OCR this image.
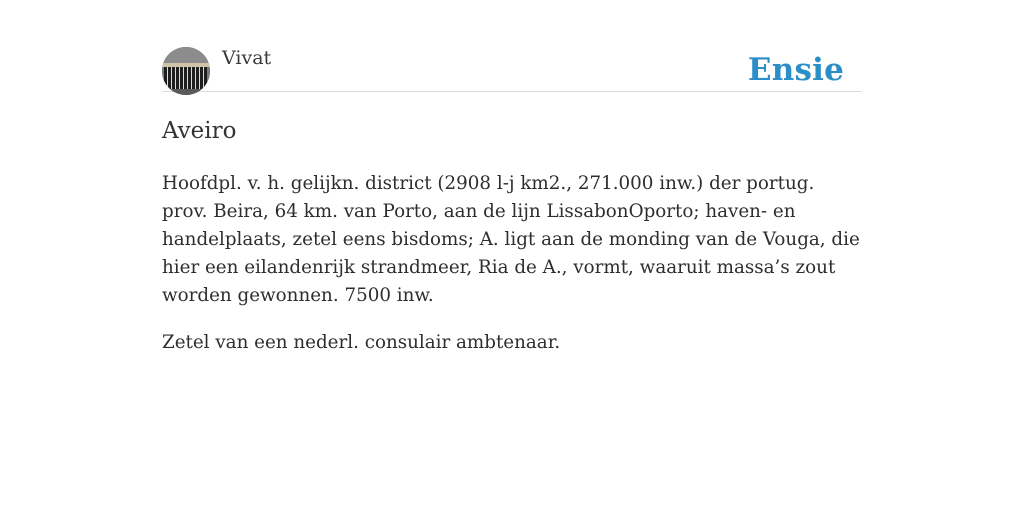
Vivat	Ensie
Aveiro

Hoofdpl. v. h. gelijkn. district (2908 l-j km2., 271.000 inw.) der portug. prov. Beira, 64 km. van Porto, aan de lijn LissabonOporto; haven- en handelplaats, zetel eens bisdoms; A. ligt aan de monding van de Vouga, die hier een eilandenrijk strandmeer, Ria de A., vormt, waaruit massa’s zout worden gewonnen. 7500 inw.

Zetel van een nederl. consulair ambtenaar.
